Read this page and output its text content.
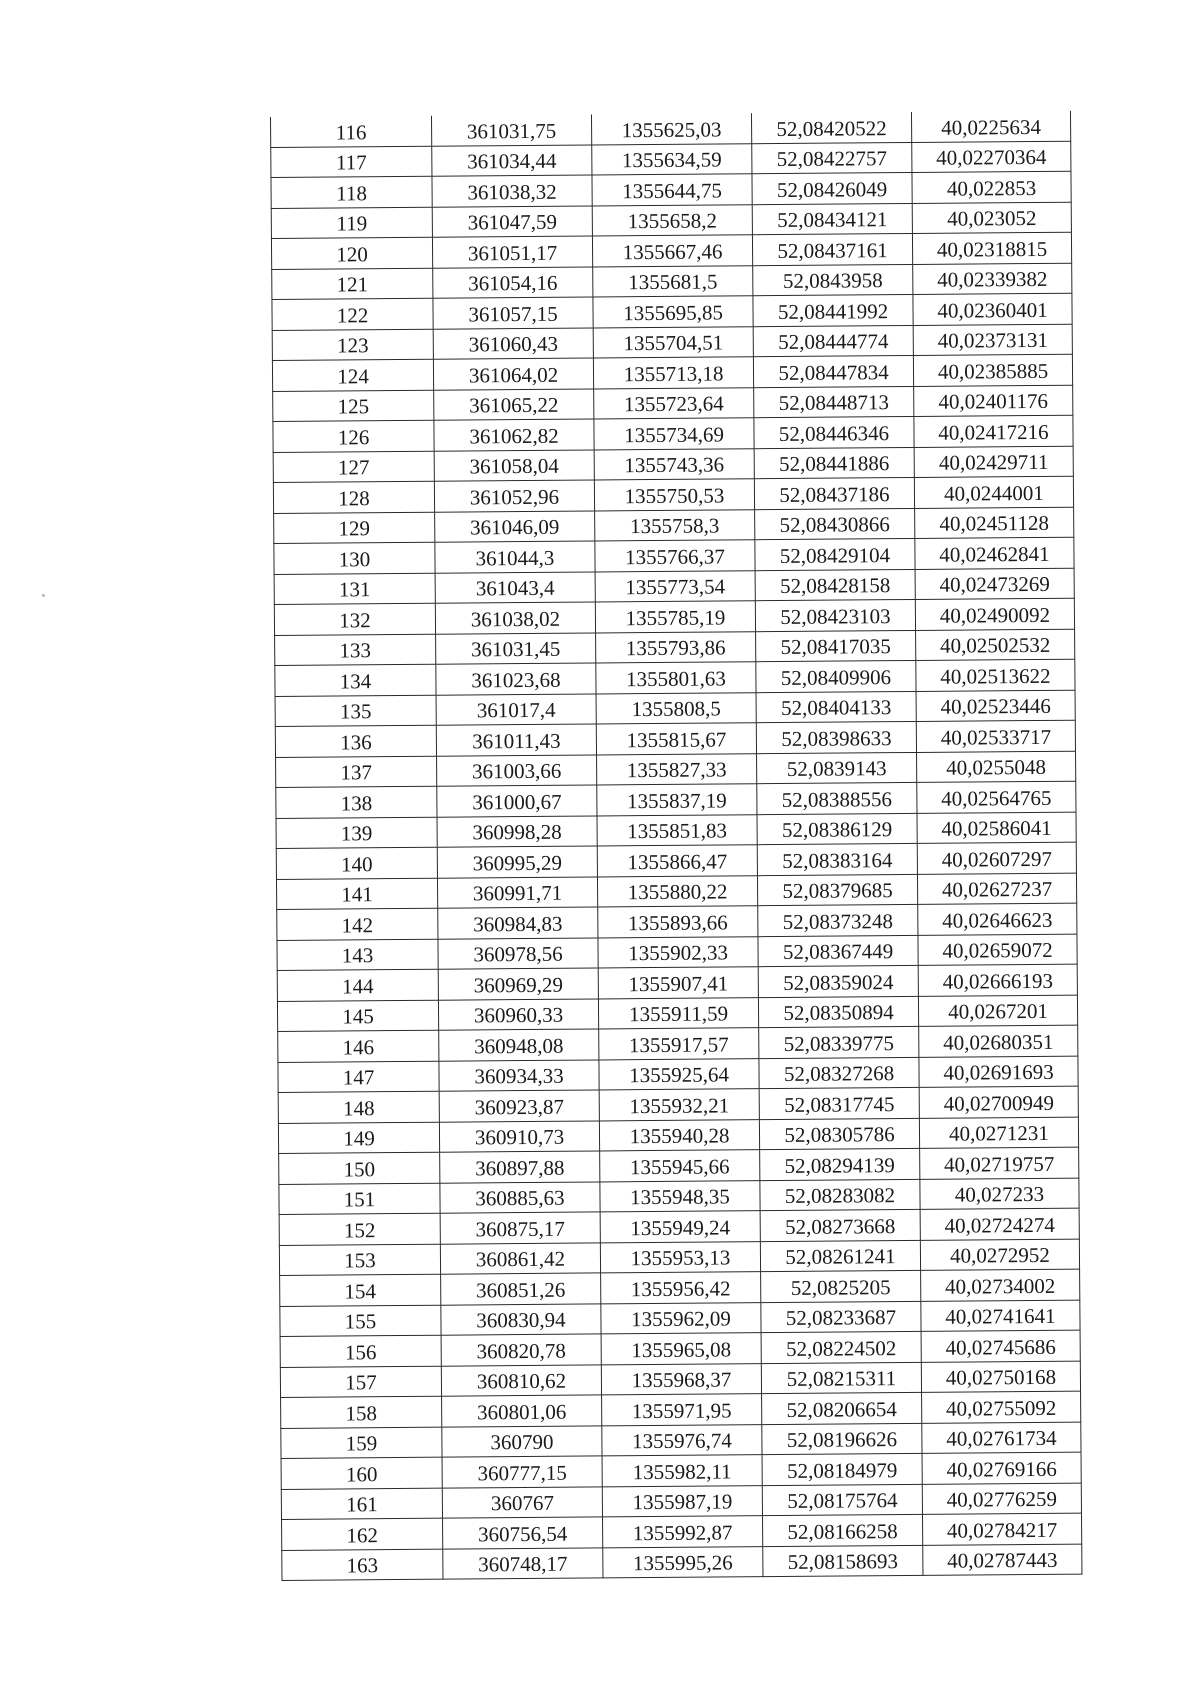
116	361031,75	1355625,03	52,08420522	40,0225634
117	361034,44	1355634,59	52,08422757	40,02270364
118	361038,32	1355644,75	52,08426049	40,022853
119	361047,59	1355658,2	52,08434121	40,023052
120	361051,17	1355667,46	52,08437161	40,02318815
121	361054,16	1355681,5	52,0843958	40,02339382
122	361057,15	1355695,85	52,08441992	40,02360401
123	361060,43	1355704,51	52,08444774	40,02373131
124	361064,02	1355713,18	52,08447834	40,02385885
125	361065,22	1355723,64	52,08448713	40,02401176
126	361062,82	1355734,69	52,08446346	40,02417216
127	361058,04	1355743,36	52,08441886	40,02429711
128	361052,96	1355750,53	52,08437186	40,0244001
129	361046,09	1355758,3	52,08430866	40,02451128
130	361044,3	1355766,37	52,08429104	40,02462841
131	361043,4	1355773,54	52,08428158	40,02473269
132	361038,02	1355785,19	52,08423103	40,02490092
133	361031,45	1355793,86	52,08417035	40,02502532
134	361023,68	1355801,63	52,08409906	40,02513622
135	361017,4	1355808,5	52,08404133	40,02523446
136	361011,43	1355815,67	52,08398633	40,02533717
137	361003,66	1355827,33	52,0839143	40,0255048
138	361000,67	1355837,19	52,08388556	40,02564765
139	360998,28	1355851,83	52,08386129	40,02586041
140	360995,29	1355866,47	52,08383164	40,02607297
141	360991,71	1355880,22	52,08379685	40,02627237
142	360984,83	1355893,66	52,08373248	40,02646623
143	360978,56	1355902,33	52,08367449	40,02659072
144	360969,29	1355907,41	52,08359024	40,02666193
145	360960,33	1355911,59	52,08350894	40,0267201
146	360948,08	1355917,57	52,08339775	40,02680351
147	360934,33	1355925,64	52,08327268	40,02691693
148	360923,87	1355932,21	52,08317745	40,02700949
149	360910,73	1355940,28	52,08305786	40,0271231
150	360897,88	1355945,66	52,08294139	40,02719757
151	360885,63	1355948,35	52,08283082	40,027233
152	360875,17	1355949,24	52,08273668	40,02724274
153	360861,42	1355953,13	52,08261241	40,0272952
154	360851,26	1355956,42	52,0825205	40,02734002
155	360830,94	1355962,09	52,08233687	40,02741641
156	360820,78	1355965,08	52,08224502	40,02745686
157	360810,62	1355968,37	52,08215311	40,02750168
158	360801,06	1355971,95	52,08206654	40,02755092
159	360790	1355976,74	52,08196626	40,02761734
160	360777,15	1355982,11	52,08184979	40,02769166
161	360767	1355987,19	52,08175764	40,02776259
162	360756,54	1355992,87	52,08166258	40,02784217
163	360748,17	1355995,26	52,08158693	40,02787443
